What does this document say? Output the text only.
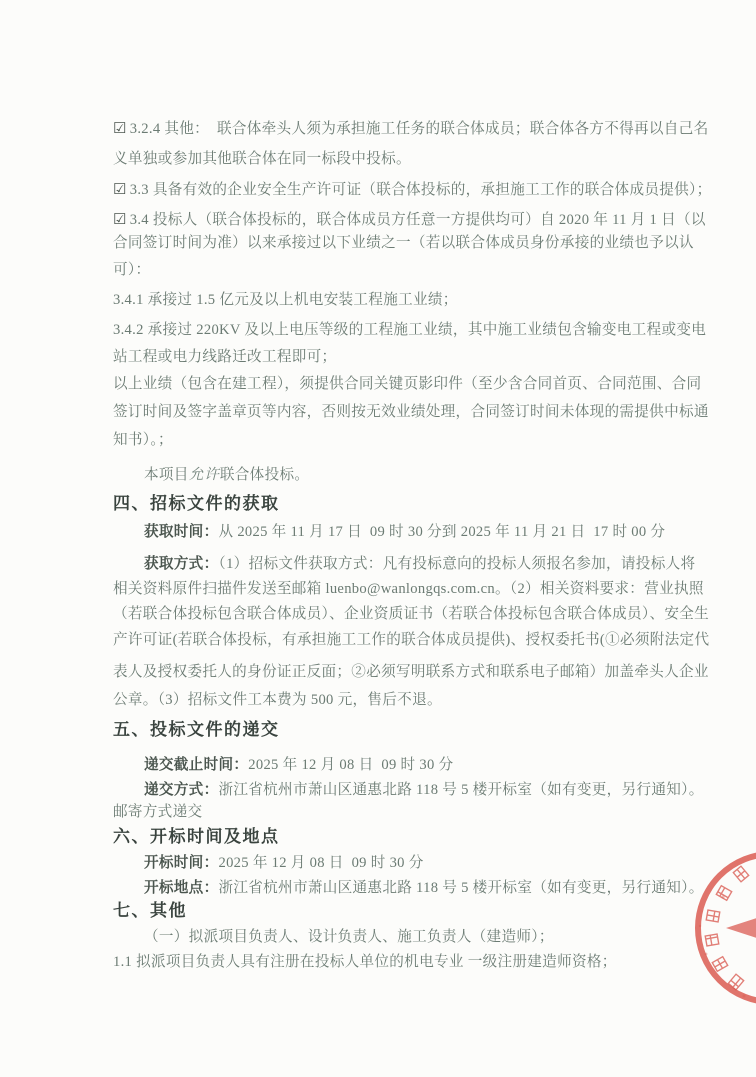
☑ 3.2.4 其他：  联合体牵头人须为承担施工任务的联合体成员；联合体各方不得再以自己名
义单独或参加其他联合体在同一标段中投标。
☑ 3.3 具备有效的企业安全生产许可证（联合体投标的，承担施工工作的联合体成员提供）；
☑ 3.4 投标人（联合体投标的，联合体成员方任意一方提供均可）自 2020 年 11 月 1 日（以
合同签订时间为准）以来承接过以下业绩之一（若以联合体成员身份承接的业绩也予以认
可）：
3.4.1 承接过 1.5 亿元及以上机电安装工程施工业绩；
3.4.2 承接过 220KV 及以上电压等级的工程施工业绩，其中施工业绩包含输变电工程或变电
站工程或电力线路迁改工程即可；
以上业绩（包含在建工程），须提供合同关键页影印件（至少含合同首页、合同范围、合同
签订时间及签字盖章页等内容，否则按无效业绩处理，合同签订时间未体现的需提供中标通
知书）。；
本项目允许联合体投标。
四、招标文件的获取
获取时间：从 2025 年 11 月 17 日  09 时 30 分到 2025 年 11 月 21 日  17 时 00 分
获取方式：（1）招标文件获取方式：凡有投标意向的投标人须报名参加，请投标人将
相关资料原件扫描件发送至邮箱 luenbo@wanlongqs.com.cn。（2）相关资料要求：营业执照
（若联合体投标包含联合体成员）、企业资质证书（若联合体投标包含联合体成员）、安全生
产许可证(若联合体投标，有承担施工工作的联合体成员提供)、授权委托书(①必须附法定代
表人及授权委托人的身份证正反面；②必须写明联系方式和联系电子邮箱）加盖牵头人企业
公章。（3）招标文件工本费为 500 元，售后不退。
五、投标文件的递交
递交截止时间：2025 年 12 月 08 日  09 时 30 分
递交方式：浙江省杭州市萧山区通惠北路 118 号 5 楼开标室（如有变更，另行通知）。
邮寄方式递交
六、开标时间及地点
开标时间：2025 年 12 月 08 日  09 时 30 分
开标地点：浙江省杭州市萧山区通惠北路 118 号 5 楼开标室（如有变更，另行通知）。
七、其他
（一）拟派项目负责人、设计负责人、施工负责人（建造师）；
1.1 拟派项目负责人具有注册在投标人单位的机电专业 一级注册建造师资格；
